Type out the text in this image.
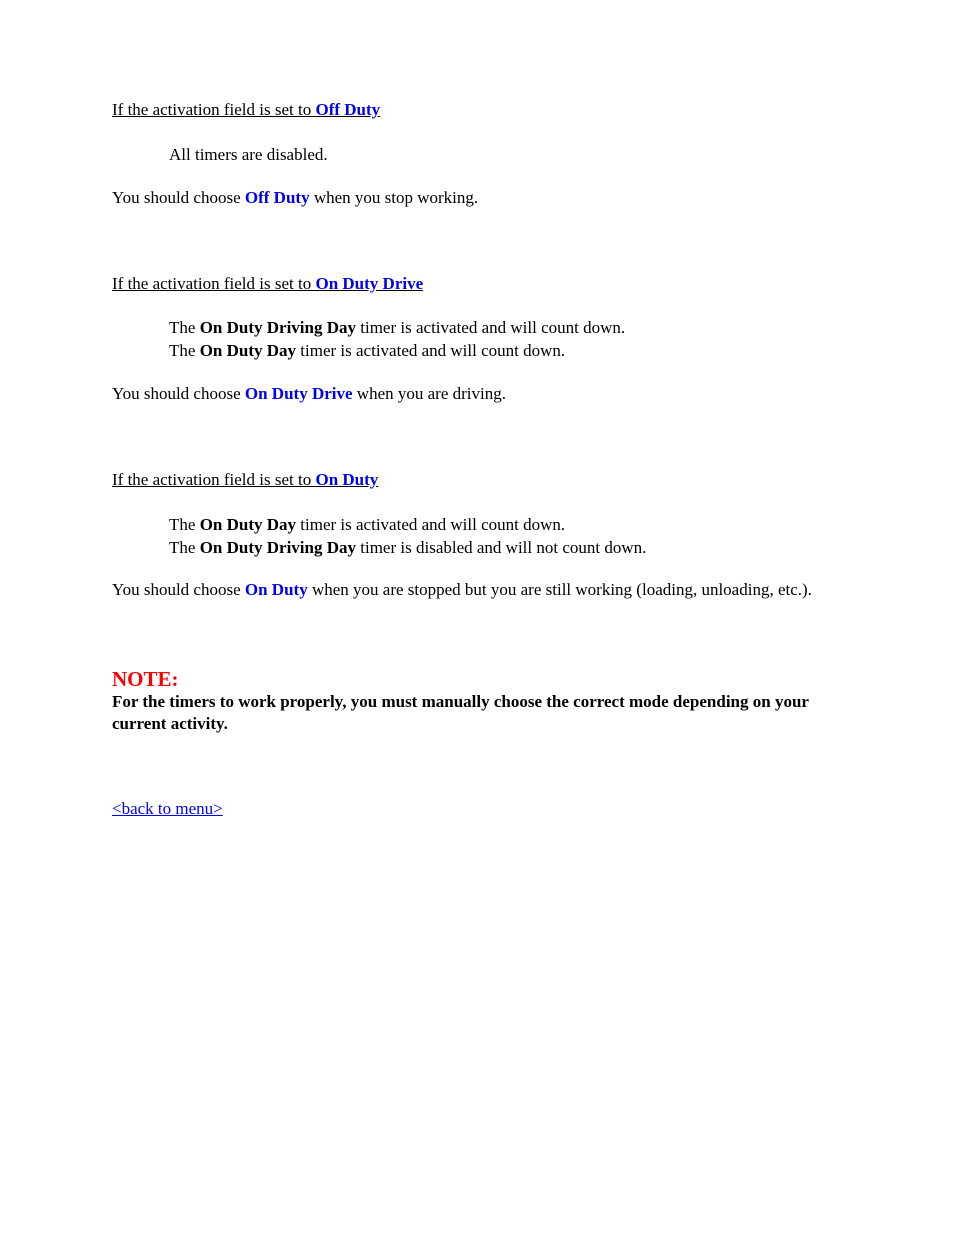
If the activation field is set to Off Duty
All timers are disabled.
You should choose Off Duty when you stop working.
If the activation field is set to On Duty Drive
The On Duty Driving Day timer is activated and will count down.
The On Duty Day timer is activated and will count down.
You should choose On Duty Drive when you are driving.
If the activation field is set to On Duty
The On Duty Day timer is activated and will count down.
The On Duty Driving Day timer is disabled and will not count down.
You should choose On Duty when you are stopped but you are still working (loading, unloading, etc.).
NOTE:
For the timers to work properly, you must manually choose the correct mode depending on your current activity.
<back to menu>
